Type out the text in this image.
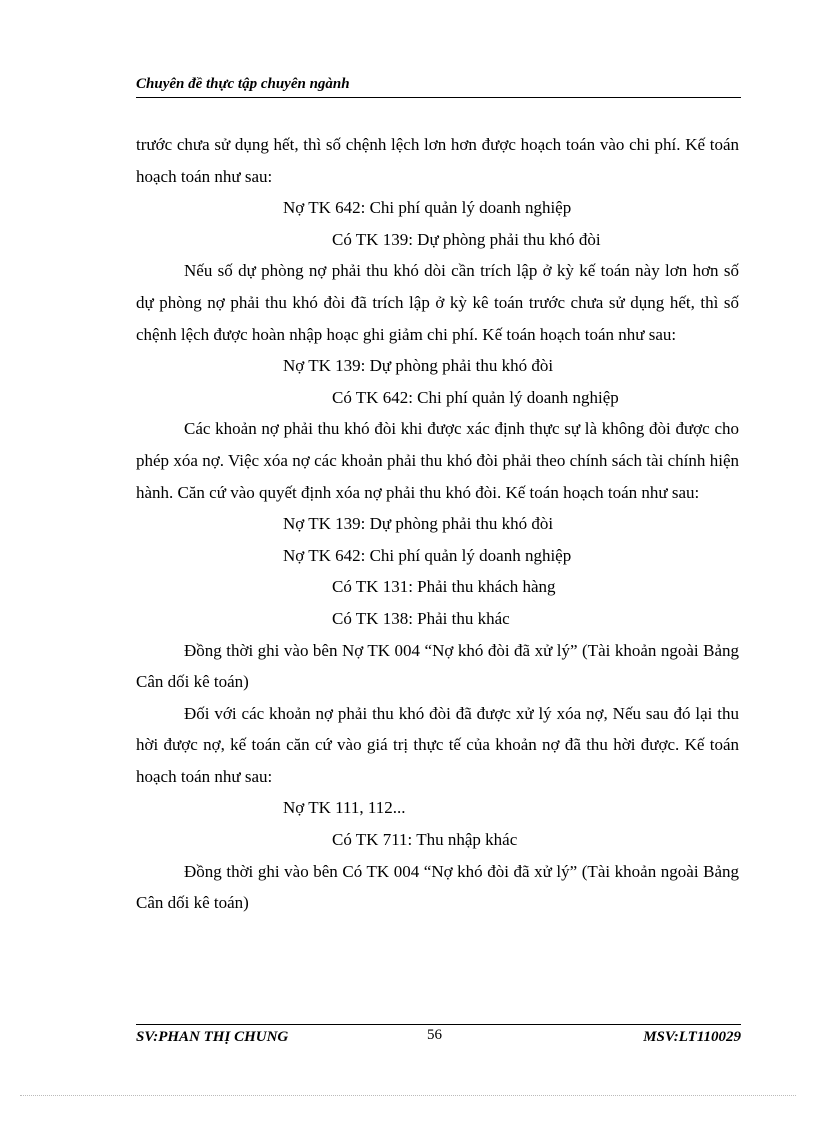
Chuyên đề thực tập chuyên ngành

trước chưa sử dụng hết, thì số chệnh lệch lơn hơn được hoạch toán vào chi phí. Kế toán hoạch toán như sau:

Nợ TK 642: Chi phí quản lý doanh nghiệp

Có TK 139: Dự phòng phải thu khó đòi

Nếu số dự phòng nợ phải thu khó dòi cần trích lập ở kỳ kế toán này lơn hơn số dự phòng nợ phải thu khó đòi đã trích lập ở kỳ kê toán trước chưa sử dụng hết, thì số chệnh lệch được hoàn nhập hoạc ghi giảm chi phí. Kế toán hoạch toán như sau:

Nợ TK 139: Dự phòng phải thu khó đòi

Có TK 642: Chi phí quản lý doanh nghiệp

Các khoản nợ phải thu khó đòi khi được xác định thực sự là không đòi được cho phép xóa nợ. Việc xóa nợ các khoản phải thu khó đòi phải theo chính sách tài chính hiện hành. Căn cứ vào quyết định xóa nợ phải thu khó đòi. Kế toán hoạch toán như sau:

Nợ TK 139: Dự phòng phải thu khó đòi

Nợ TK 642: Chi phí quản lý doanh nghiệp

Có TK 131: Phải thu khách hàng

Có TK 138: Phải thu khác

Đồng thời ghi vào bên Nợ TK 004 “Nợ khó đòi đã xử lý” (Tài khoản ngoài Bảng Cân dối kê toán)

Đối với các khoản nợ phải thu khó đòi đã được xử lý xóa nợ, Nếu sau đó lại thu hời được nợ, kế toán căn cứ vào giá trị thực tế của khoản nợ đã thu hời được. Kế toán hoạch toán như sau:

Nợ TK 111, 112...

Có TK 711: Thu nhập khác

Đồng thời ghi vào bên Có TK 004 “Nợ khó đòi đã xử lý” (Tài khoản ngoài Bảng Cân dối kê toán)

SV:PHAN THỊ CHUNG	56	MSV:LT110029
